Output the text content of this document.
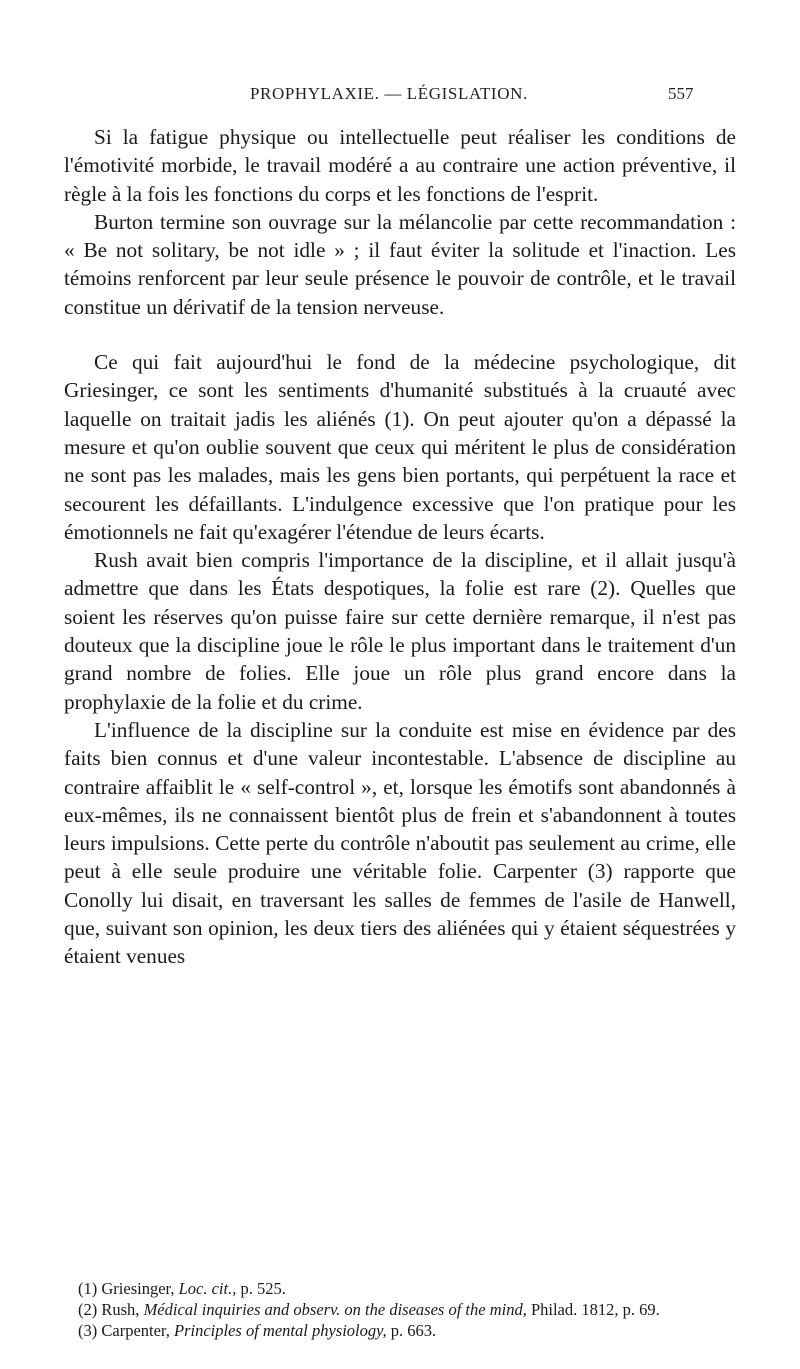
PROPHYLAXIE. — LÉGISLATION.	557

Si la fatigue physique ou intellectuelle peut réaliser les conditions de l'émotivité morbide, le travail modéré a au contraire une action préventive, il règle à la fois les fonctions du corps et les fonctions de l'esprit.

Burton termine son ouvrage sur la mélancolie par cette recommandation : « Be not solitary, be not idle » ; il faut éviter la solitude et l'inaction. Les témoins renforcent par leur seule présence le pouvoir de contrôle, et le travail constitue un dérivatif de la tension nerveuse.

Ce qui fait aujourd'hui le fond de la médecine psychologique, dit Griesinger, ce sont les sentiments d'humanité substitués à la cruauté avec laquelle on traitait jadis les aliénés (1). On peut ajouter qu'on a dépassé la mesure et qu'on oublie souvent que ceux qui méritent le plus de considération ne sont pas les malades, mais les gens bien portants, qui perpétuent la race et secourent les défaillants. L'indulgence excessive que l'on pratique pour les émotionnels ne fait qu'exagérer l'étendue de leurs écarts.

Rush avait bien compris l'importance de la discipline, et il allait jusqu'à admettre que dans les États despotiques, la folie est rare (2). Quelles que soient les réserves qu'on puisse faire sur cette dernière remarque, il n'est pas douteux que la discipline joue le rôle le plus important dans le traitement d'un grand nombre de folies. Elle joue un rôle plus grand encore dans la prophylaxie de la folie et du crime.

L'influence de la discipline sur la conduite est mise en évidence par des faits bien connus et d'une valeur incontestable. L'absence de discipline au contraire affaiblit le « self-control », et, lorsque les émotifs sont abandonnés à eux-mêmes, ils ne connaissent bientôt plus de frein et s'abandonnent à toutes leurs impulsions. Cette perte du contrôle n'aboutit pas seulement au crime, elle peut à elle seule produire une véritable folie. Carpenter (3) rapporte que Conolly lui disait, en traversant les salles de femmes de l'asile de Hanwell, que, suivant son opinion, les deux tiers des aliénées qui y étaient séquestrées y étaient venues

(1) Griesinger, Loc. cit., p. 525.

(2) Rush, Médical inquiries and observ. on the diseases of the mind, Philad. 1812, p. 69.

(3) Carpenter, Principles of mental physiology, p. 663.
